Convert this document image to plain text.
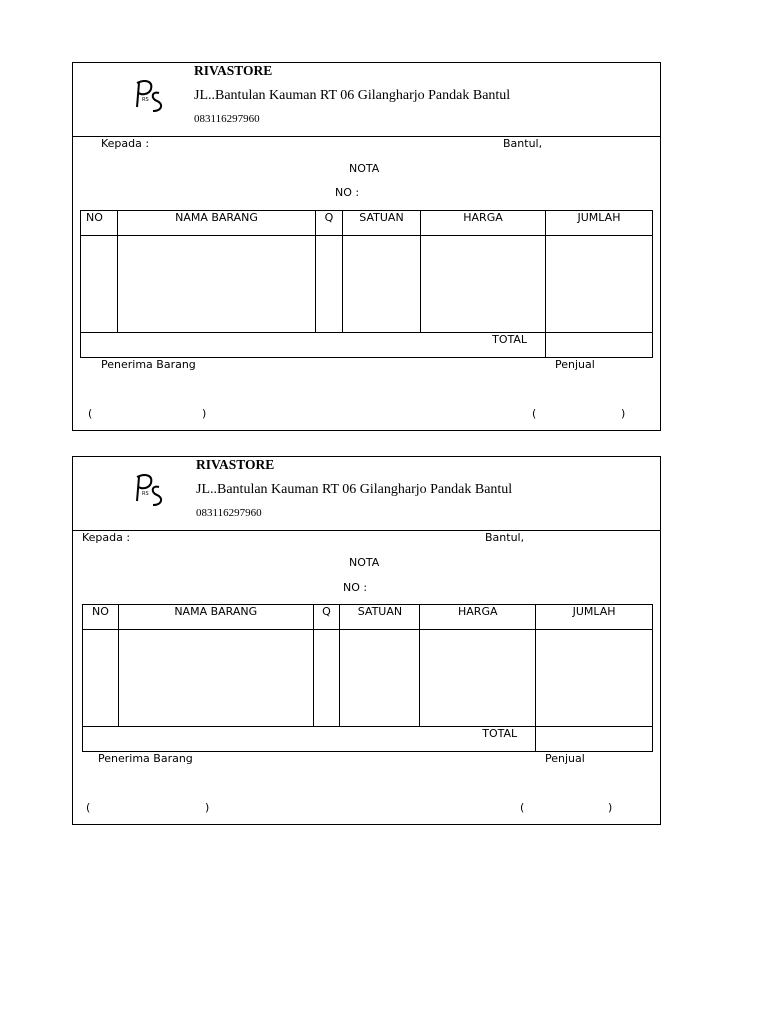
RS
RIVASTORE
JL..Bantulan Kauman RT 06 Gilangharjo Pandak Bantul
083116297960
Kepada :	Bantul,
NOTA
NO :
NO	NAMA BARANG	Q	SATUAN	HARGA	JUMLAH

TOTAL					
Penerima Barang	Penjual
(	)	(	)
RS
RIVASTORE
JL..Bantulan Kauman RT 06 Gilangharjo Pandak Bantul
083116297960
Kepada :	Bantul,
NOTA
NO :
NO	NAMA BARANG	Q	SATUAN	HARGA	JUMLAH

TOTAL					
Penerima Barang	Penjual
(	)	(	)
